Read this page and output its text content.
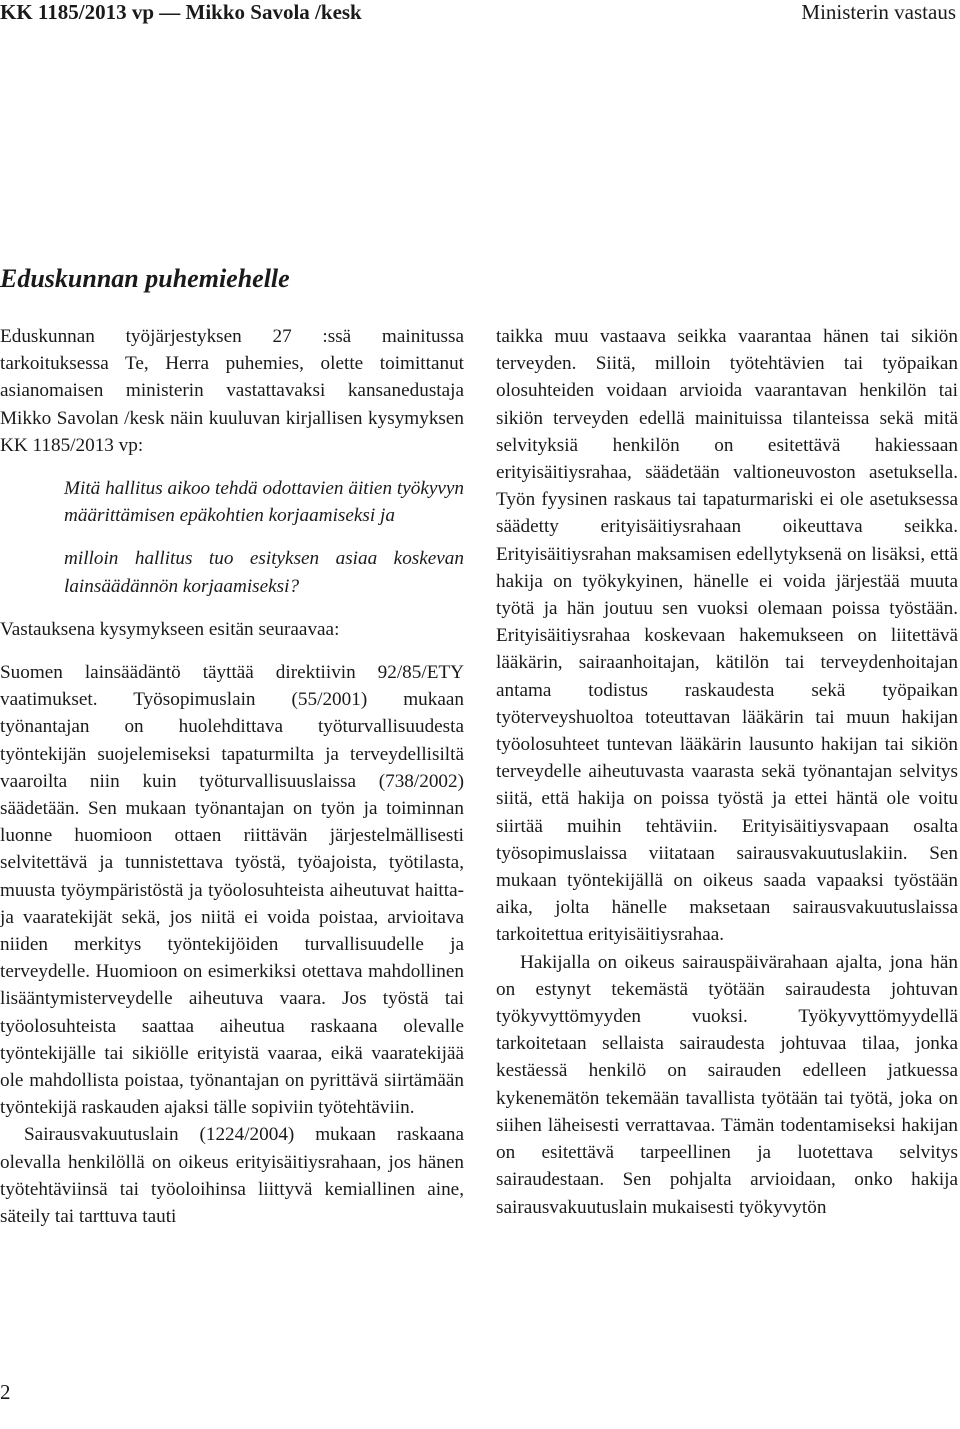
KK 1185/2013 vp — Mikko Savola /kesk	Ministerin vastaus
Eduskunnan puhemiehelle

Eduskunnan työjärjestyksen 27 :ssä mainitussa tarkoituksessa Te, Herra puhemies, olette toimittanut asianomaisen ministerin vastattavaksi kansanedustaja Mikko Savolan /kesk näin kuuluvan kirjallisen kysymyksen KK 1185/2013 vp:

Mitä hallitus aikoo tehdä odottavien äitien työkyvyn määrittämisen epäkohtien korjaamiseksi ja

milloin hallitus tuo esityksen asiaa koskevan lainsäädännön korjaamiseksi?

Vastauksena kysymykseen esitän seuraavaa:

Suomen lainsäädäntö täyttää direktiivin 92/85/ETY vaatimukset. Työsopimuslain (55/2001) mukaan työnantajan on huolehdittava työturvallisuudesta työntekijän suojelemiseksi tapaturmilta ja terveydellisiltä vaaroilta niin kuin työturvallisuuslaissa (738/2002) säädetään. Sen mukaan työnantajan on työn ja toiminnan luonne huomioon ottaen riittävän järjestelmällisesti selvitettävä ja tunnistettava työstä, työajoista, työtilasta, muusta työympäristöstä ja työolosuhteista aiheutuvat haitta- ja vaaratekijät sekä, jos niitä ei voida poistaa, arvioitava niiden merkitys työntekijöiden turvallisuudelle ja terveydelle. Huomioon on esimerkiksi otettava mahdollinen lisääntymisterveydelle aiheutuva vaara. Jos työstä tai työolosuhteista saattaa aiheutua raskaana olevalle työntekijälle tai sikiölle erityistä vaaraa, eikä vaaratekijää ole mahdollista poistaa, työnantajan on pyrittävä siirtämään työntekijä raskauden ajaksi tälle sopiviin työtehtäviin.

Sairausvakuutuslain (1224/2004) mukaan raskaana olevalla henkilöllä on oikeus erityisäitiysrahaan, jos hänen työtehtäviinsä tai työoloihinsa liittyvä kemiallinen aine, säteily tai tarttuva tauti

taikka muu vastaava seikka vaarantaa hänen tai sikiön terveyden. Siitä, milloin työtehtävien tai työpaikan olosuhteiden voidaan arvioida vaarantavan henkilön tai sikiön terveyden edellä mainituissa tilanteissa sekä mitä selvityksiä henkilön on esitettävä hakiessaan erityisäitiysrahaa, säädetään valtioneuvoston asetuksella. Työn fyysinen raskaus tai tapaturmariski ei ole asetuksessa säädetty erityisäitiysrahaan oikeuttava seikka. Erityisäitiysrahan maksamisen edellytyksenä on lisäksi, että hakija on työkykyinen, hänelle ei voida järjestää muuta työtä ja hän joutuu sen vuoksi olemaan poissa työstään. Erityisäitiysrahaa koskevaan hakemukseen on liitettävä lääkärin, sairaanhoitajan, kätilön tai terveydenhoitajan antama todistus raskaudesta sekä työpaikan työterveyshuoltoa toteuttavan lääkärin tai muun hakijan työolosuhteet tuntevan lääkärin lausunto hakijan tai sikiön terveydelle aiheutuvasta vaarasta sekä työnantajan selvitys siitä, että hakija on poissa työstä ja ettei häntä ole voitu siirtää muihin tehtäviin. Erityisäitiysvapaan osalta työsopimuslaissa viitataan sairausvakuutuslakiin. Sen mukaan työntekijällä on oikeus saada vapaaksi työstään aika, jolta hänelle maksetaan sairausvakuutuslaissa tarkoitettua erityisäitiysrahaa.

Hakijalla on oikeus sairauspäivärahaan ajalta, jona hän on estynyt tekemästä työtään sairaudesta johtuvan työkyvyttömyyden vuoksi. Työkyvyttömyydellä tarkoitetaan sellaista sairaudesta johtuvaa tilaa, jonka kestäessä henkilö on sairauden edelleen jatkuessa kykenemätön tekemään tavallista työtään tai työtä, joka on siihen läheisesti verrattavaa. Tämän todentamiseksi hakijan on esitettävä tarpeellinen ja luotettava selvitys sairaudestaan. Sen pohjalta arvioidaan, onko hakija sairausvakuutuslain mukaisesti työkyvytön

2
